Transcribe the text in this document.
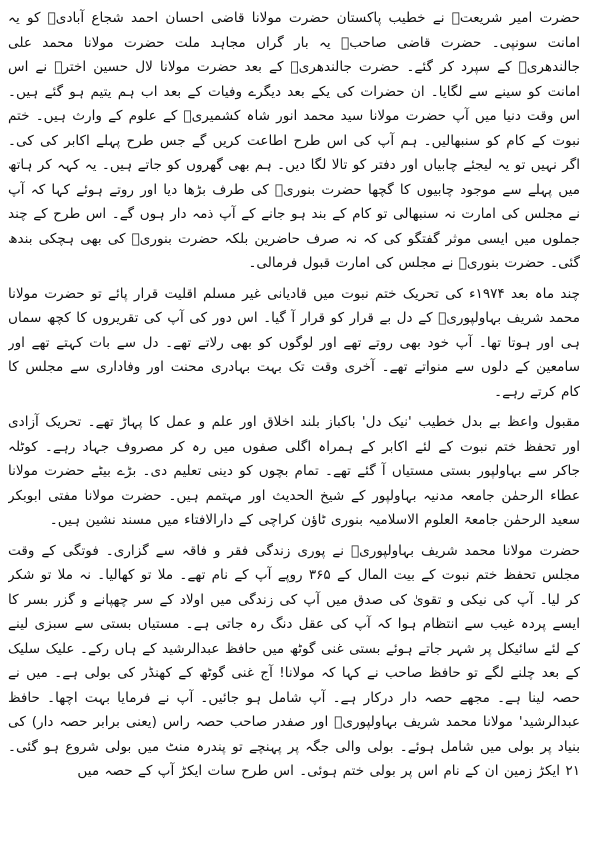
حضرت امیر شریعتؒ نے خطیب پاکستان حضرت مولانا قاضی احسان احمد شجاع آبادیؒ کو یہ امانت سونپی۔ حضرت قاضی صاحبؒ یہ بار گراں مجاہد ملت حضرت مولانا محمد علی جالندھریؒ کے سپرد کر گئے۔ حضرت جالندھریؒ کے بعد حضرت مولانا لال حسین اخترؒ نے اس امانت کو سینے سے لگایا۔ ان حضرات کی یکے بعد دیگرے وفیات کے بعد اب ہم یتیم ہو گئے ہیں۔ اس وقت دنیا میں آپ حضرت مولانا سید محمد انور شاہ کشمیریؒ کے علوم کے وارث ہیں۔ ختم نبوت کے کام کو سنبھالیں۔ ہم آپ کی اس طرح اطاعت کریں گے جس طرح پہلے اکابر کی کی۔ اگر نہیں تو یہ لیجئے چابیاں اور دفتر کو تالا لگا دیں۔ ہم بھی گھروں کو جاتے ہیں۔ یہ کہہ کر ہاتھ میں پہلے سے موجود چابیوں کا گچھا حضرت بنوریؒ کی طرف بڑھا دیا اور روتے ہوئے کہا کہ آپ نے مجلس کی امارت نہ سنبھالی تو کام کے بند ہو جانے کے آپ ذمہ دار ہوں گے۔ اس طرح کے چند جملوں میں ایسی موثر گفتگو کی کہ نہ صرف حاضرین بلکہ حضرت بنوریؒ کی بھی ہچکی بندھ گئی۔ حضرت بنوریؒ نے مجلس کی امارت قبول فرمالی۔

چند ماہ بعد ۱۹۷۴ء کی تحریک ختم نبوت میں قادیانی غیر مسلم اقلیت قرار پائے تو حضرت مولانا محمد شریف بہاولپوریؒ کے دل بے قرار کو قرار آ گیا۔ اس دور کی آپ کی تقریروں کا کچھ سماں ہی اور ہوتا تھا۔ آپ خود بھی روتے تھے اور لوگوں کو بھی رلاتے تھے۔ دل سے بات کہتے تھے اور سامعین کے دلوں سے منواتے تھے۔ آخری وقت تک بہت بہادری محنت اور وفاداری سے مجلس کا کام کرتے رہے۔

مقبول واعظ بے بدل خطیب 'نیک دل' باکباز بلند اخلاق اور علم و عمل کا پہاڑ تھے۔ تحریک آزادی اور تحفظ ختم نبوت کے لئے اکابر کے ہمراہ اگلی صفوں میں رہ کر مصروف جہاد رہے۔ کوٹلہ جاکر سے بہاولپور بستی مستیاں آ گئے تھے۔ تمام بچوں کو دینی تعلیم دی۔ بڑے بیٹے حضرت مولانا عطاء الرحمٰن جامعہ مدنیہ بہاولپور کے شیخ الحدیث اور مہتمم ہیں۔ حضرت مولانا مفتی ابوبکر سعید الرحمٰن جامعۃ العلوم الاسلامیہ بنوری ٹاؤن کراچی کے دارالافتاء میں مسند نشین ہیں۔

حضرت مولانا محمد شریف بہاولپوریؒ نے پوری زندگی فقر و فاقہ سے گزاری۔ فوتگی کے وقت مجلس تحفظ ختم نبوت کے بیت المال کے ۳۶۵ روپے آپ کے نام تھے۔ ملا تو کھالیا۔ نہ ملا تو شکر کر لیا۔ آپ کی نیکی و تقویٰ کی صدق میں آپ کی زندگی میں اولاد کے سر چھپانے و گزر بسر کا ایسے پردہ غیب سے انتظام ہوا کہ آپ کی عقل دنگ رہ جاتی ہے۔ مستیاں بستی سے سبزی لینے کے لئے سائیکل پر شہر جاتے ہوئے بستی غنی گوٹھ میں حافظ عبدالرشید کے ہاں رکے۔ علیک سلیک کے بعد چلنے لگے تو حافظ صاحب نے کہا کہ مولانا! آج غنی گوٹھ کے کھنڈر کی بولی ہے۔ میں نے حصہ لینا ہے۔ مجھے حصہ دار درکار ہے۔ آپ شامل ہو جائیں۔ آپ نے فرمایا بہت اچھا۔ حافظ عبدالرشید' مولانا محمد شریف بہاولپوریؒ اور صفدر صاحب حصہ راس (یعنی برابر حصہ دار) کی بنیاد پر بولی میں شامل ہوئے۔ بولی والی جگہ پر پہنچے تو پندرہ منٹ میں بولی شروع ہو گئی۔ ۲۱ ایکڑ زمین ان کے نام اس پر بولی ختم ہوئی۔ اس طرح سات ایکڑ آپ کے حصہ میں
